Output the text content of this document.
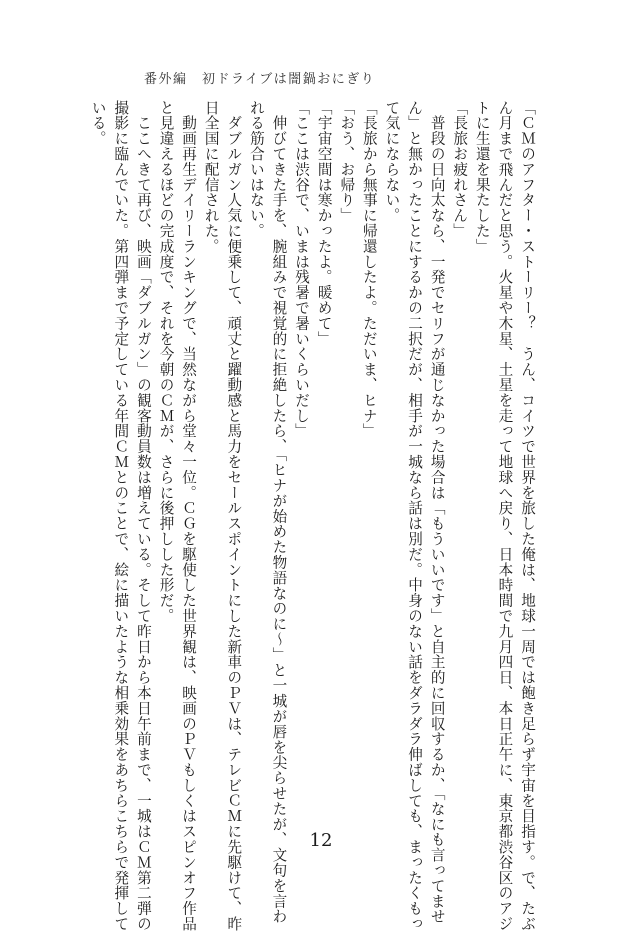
番外編　初ドライブは闇鍋おにぎり

「ＣＭのアフター・ストーリー？　うん、コイツで世界を旅した俺は、地球一周では飽き足らず宇宙を目指す。で、たぶ

ん月まで飛んだと思う。火星や木星、土星を走って地球へ戻り、日本時間で九月四日、本日正午に、東京都渋谷区のアジ

トに生還を果たした」

「長旅お疲れさん」

　普段の日向太なら、一発でセリフが通じなかった場合は「もういいです」と自主的に回収するか、「なにも言ってませ

ん」と無かったことにするかの二択だが、相手が一城なら話は別だ。中身のない話をダラダラ伸ばしても、まったくもっ

て気にならない。

「長旅から無事に帰還したよ。ただいま、ヒナ」

「おう、お帰り」

「宇宙空間は寒かったよ。暖めて」

「ここは渋谷で、いまは残暑で暑いくらいだし」

　伸びてきた手を、腕組みで視覚的に拒絶したら、「ヒナが始めた物語なのに〜」と一城が唇を尖らせたが、文句を言わ

れる筋合いはない。

　ダブルガン人気に便乗して、頑丈と躍動感と馬力をセールスポイントにした新車のＰＶは、テレビＣＭに先駆けて、昨

日全国に配信された。

　動画再生デイリーランキングで、当然ながら堂々一位。ＣＧを駆使した世界観は、映画のＰＶもしくはスピンオフ作品

と見違えるほどの完成度で、それを今朝のＣＭが、さらに後押しした形だ。

　ここへきて再び、映画「ダブルガン」の観客動員数は増えている。そして昨日から本日午前まで、一城はＣＭ第二弾の

撮影に臨んでいた。第四弾まで予定している年間ＣＭとのことで、絵に描いたような相乗効果をあちらこちらで発揮して

いる。

12
